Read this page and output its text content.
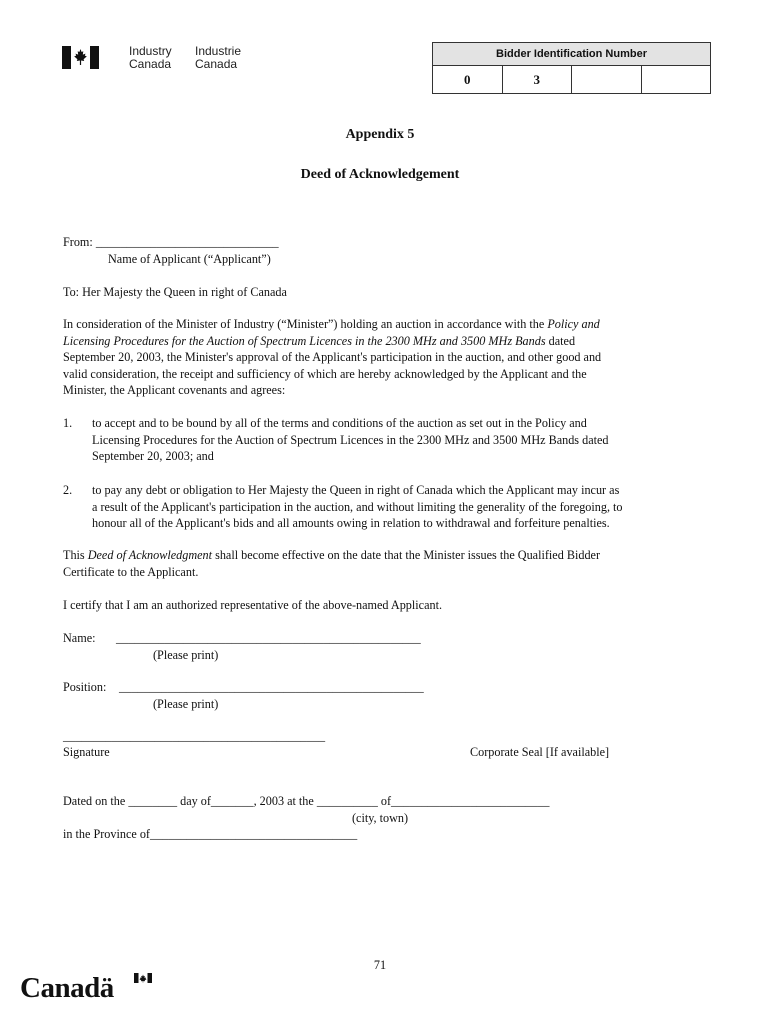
Industry
Canada
Industrie
Canada
Bidder Identification Number
0	3
Appendix 5
Deed of Acknowledgement
From: ______________________________
Name of Applicant (“Applicant”)
To: Her Majesty the Queen in right of Canada
In consideration of the Minister of Industry (“Minister”) holding an auction in accordance with the Policy and
Licensing Procedures for the Auction of Spectrum Licences in the 2300 MHz and 3500 MHz Bands dated
September 20, 2003, the Minister's approval of the Applicant's participation in the auction, and other good and
valid consideration, the receipt and sufficiency of which are hereby acknowledged by the Applicant and the
Minister, the Applicant covenants and agrees:
1. to accept and to be bound by all of the terms and conditions of the auction as set out in the Policy and
Licensing Procedures for the Auction of Spectrum Licences in the 2300 MHz and 3500 MHz Bands dated
September 20, 2003; and
2. to pay any debt or obligation to Her Majesty the Queen in right of Canada which the Applicant may incur as
a result of the Applicant's participation in the auction, and without limiting the generality of the foregoing, to
honour all of the Applicant's bids and all amounts owing in relation to withdrawal and forfeiture penalties.
This Deed of Acknowledgment shall become effective on the date that the Minister issues the Qualified Bidder
Certificate to the Applicant.
I certify that I am an authorized representative of the above-named Applicant.
Name: __________________________________________________
(Please print)
Position: __________________________________________________
(Please print)
___________________________________________
Signature	Corporate Seal [If available]
Dated on the ________ day of_______, 2003 at the __________ of__________________________
(city, town)
in the Province of__________________________________
71
Canadä
